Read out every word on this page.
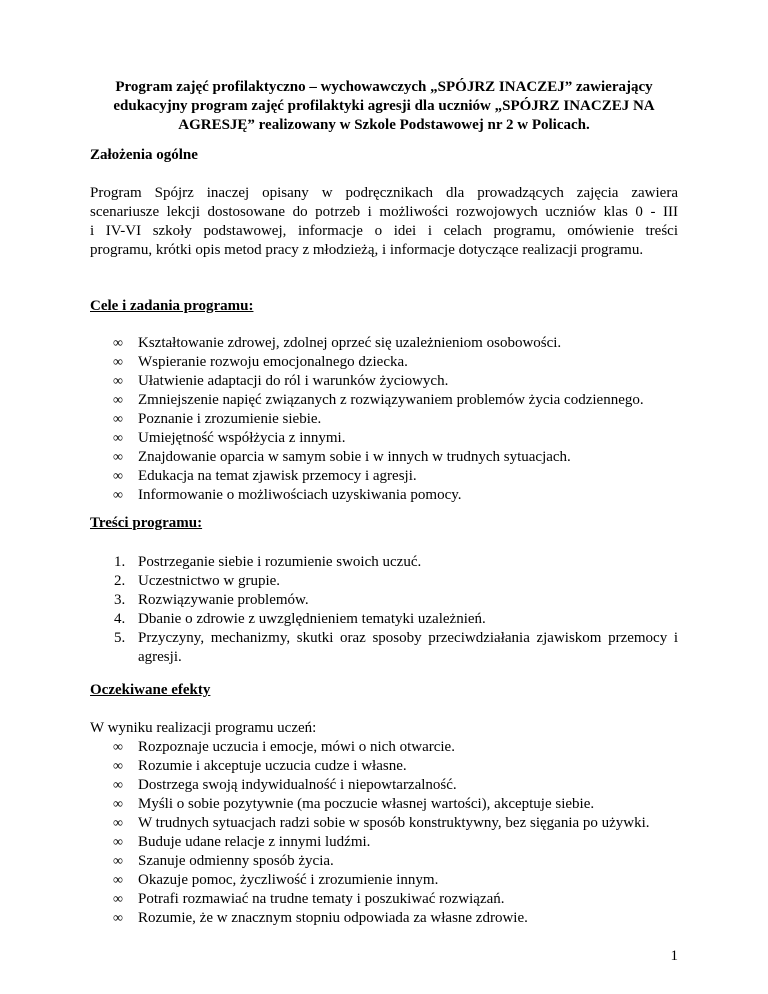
Program zajęć profilaktyczno – wychowawczych „SPÓJRZ INACZEJ” zawierający
edukacyjny program zajęć profilaktyki agresji dla uczniów „SPÓJRZ INACZEJ NA
AGRESJĘ” realizowany w Szkole Podstawowej nr 2 w Policach.
Założenia ogólne
Program Spójrz inaczej opisany w podręcznikach dla prowadzących zajęcia zawiera
scenariusze lekcji dostosowane do potrzeb i możliwości rozwojowych uczniów klas 0 - III
i IV-VI szkoły podstawowej, informacje o idei i celach programu, omówienie treści
programu, krótki opis metod pracy z młodzieżą, i informacje dotyczące realizacji programu.
Cele i zadania programu:
∞ Kształtowanie zdrowej, zdolnej oprzeć się uzależnieniom osobowości.
∞ Wspieranie rozwoju emocjonalnego dziecka.
∞ Ułatwienie adaptacji do ról i warunków życiowych.
∞ Zmniejszenie napięć związanych z rozwiązywaniem problemów życia codziennego.
∞ Poznanie i zrozumienie siebie.
∞ Umiejętność współżycia z innymi.
∞ Znajdowanie oparcia w samym sobie i w innych w trudnych sytuacjach.
∞ Edukacja na temat zjawisk przemocy i agresji.
∞ Informowanie o możliwościach uzyskiwania pomocy.
Treści programu:
1. Postrzeganie siebie i rozumienie swoich uczuć.
2. Uczestnictwo w grupie.
3. Rozwiązywanie problemów.
4. Dbanie o zdrowie z uwzględnieniem tematyki uzależnień.
5. Przyczyny, mechanizmy, skutki oraz sposoby przeciwdziałania zjawiskom przemocy i
agresji.
Oczekiwane efekty
W wyniku realizacji programu uczeń:
∞ Rozpoznaje uczucia i emocje, mówi o nich otwarcie.
∞ Rozumie i akceptuje uczucia cudze i własne.
∞ Dostrzega swoją indywidualność i niepowtarzalność.
∞ Myśli o sobie pozytywnie (ma poczucie własnej wartości), akceptuje siebie.
∞ W trudnych sytuacjach radzi sobie w sposób konstruktywny, bez sięgania po używki.
∞ Buduje udane relacje z innymi ludźmi.
∞ Szanuje odmienny sposób życia.
∞ Okazuje pomoc, życzliwość i zrozumienie innym.
∞ Potrafi rozmawiać na trudne tematy i poszukiwać rozwiązań.
∞ Rozumie, że w znacznym stopniu odpowiada za własne zdrowie.
1
